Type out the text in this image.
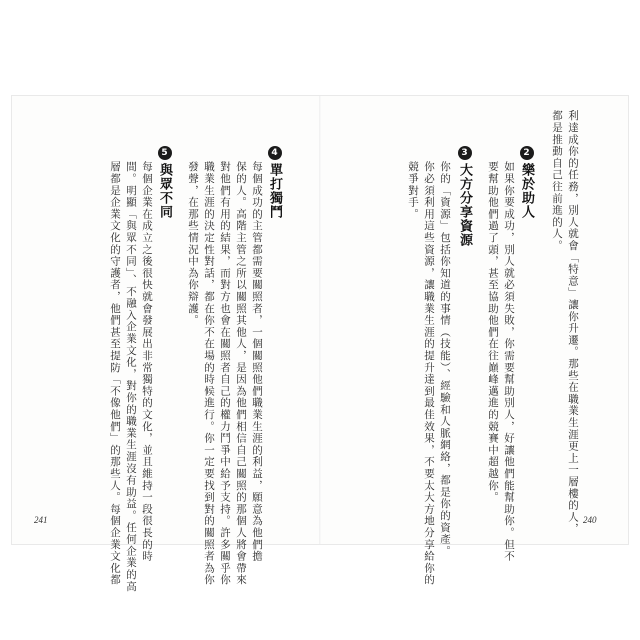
利達成你的任務，別人就會「特意」讓你升遷。那些在職業生涯更上一層樓的人，
都是推動自己往前進的人。
2
樂於助人
如果你要成功，別人就必須失敗，你需要幫助別人，好讓他們能幫助你。但不
要幫助他們過了頭，甚至協助他們在往巔峰邁進的競賽中超越你。
3
大方分享資源
你的「資源」包括你知道的事情（技能）、經驗和人脈網絡，都是你的資產。
你必須利用這些資源，讓職業生涯的提升達到最佳效果，不要太大方地分享給你的
競爭對手。
240
4
單打獨鬥
每個成功的主管都需要關照者，一個關照他們職業生涯的利益，願意為他們擔
保的人。高階主管之所以關照其他人，是因為他們相信自己關照的那個人將會帶來
對他們有用的結果，而對方也會在關照者自己的權力鬥爭中給予支持。許多關乎你
職業生涯的決定性對話，都在你不在場的時候進行。你一定要找到對的關照者為你
發聲，在那些情況中為你辯護。
5
與眾不同
每個企業在成立之後很快就會發展出非常獨特的文化，並且維持一段很長的時
間。明顯「與眾不同」、不融入企業文化，對你的職業生涯沒有助益。任何企業的高
層都是企業文化的守護者，他們甚至提防「不像他們」的那些人。每個企業文化都
241
